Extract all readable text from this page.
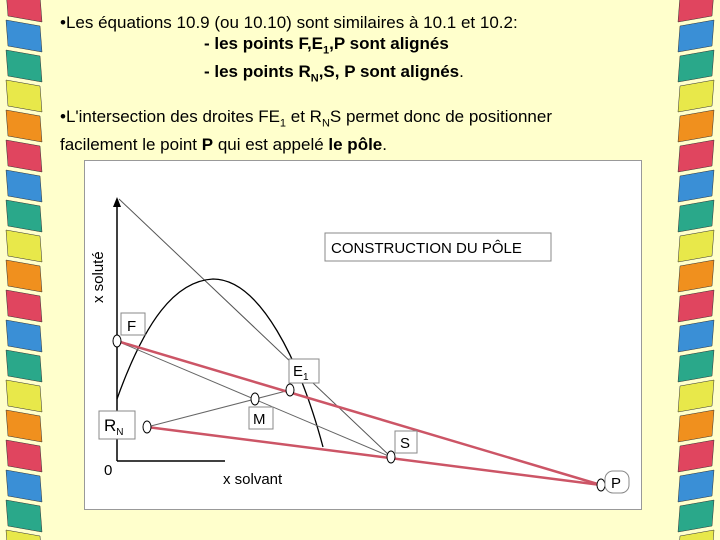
•Les équations 10.9 (ou 10.10) sont similaires à 10.1 et 10.2:
- les points $F,E_1,P$ sont alignés
- les points $R_N,S$, P sont alignés.
•L'intersection des droites $FE_1$ et $R_NS$ permet donc de positionner
facilement le point P qui est appelé le pôle.
CONSTRUCTION DU PÔLE
x soluté
x solvant
0
F
$E_1$
M
$R_N$
S
P
